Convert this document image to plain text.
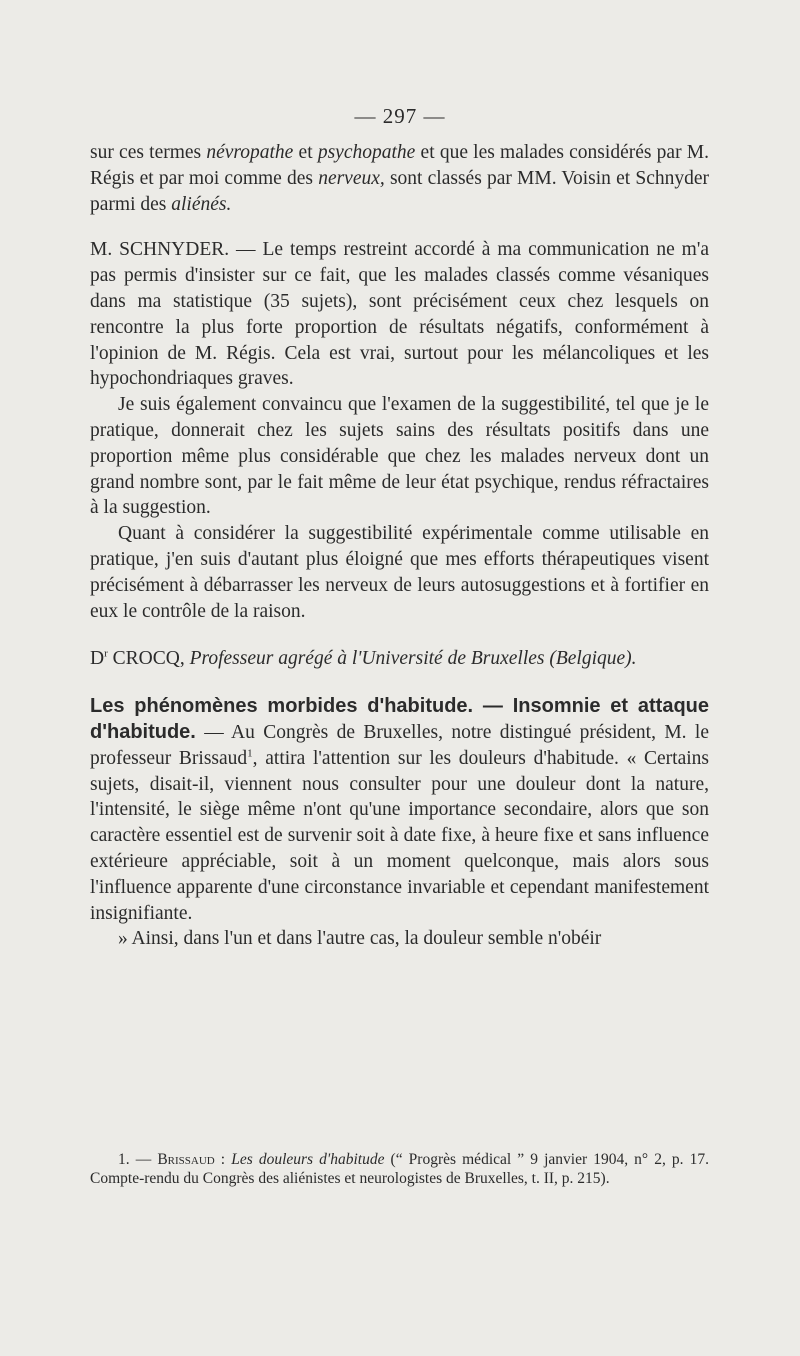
— 297 —

sur ces termes névropathe et psychopathe et que les malades considérés par M. Régis et par moi comme des nerveux, sont classés par MM. Voisin et Schnyder parmi des aliénés.

M. SCHNYDER. — Le temps restreint accordé à ma communication ne m'a pas permis d'insister sur ce fait, que les malades classés comme vésaniques dans ma statistique (35 sujets), sont précisément ceux chez lesquels on rencontre la plus forte proportion de résultats négatifs, conformément à l'opinion de M. Régis. Cela est vrai, surtout pour les mélancoliques et les hypochondriaques graves.

Je suis également convaincu que l'examen de la suggestibilité, tel que je le pratique, donnerait chez les sujets sains des résultats positifs dans une proportion même plus considérable que chez les malades nerveux dont un grand nombre sont, par le fait même de leur état psychique, rendus réfractaires à la suggestion.

Quant à considérer la suggestibilité expérimentale comme utilisable en pratique, j'en suis d'autant plus éloigné que mes efforts thérapeutiques visent précisément à débarrasser les nerveux de leurs autosuggestions et à fortifier en eux le contrôle de la raison.

$D^r$ CROCQ, Professeur agrégé à l'Université de Bruxelles (Belgique).

Les phénomènes morbides d'habitude. — Insomnie et attaque d'habitude. — Au Congrès de Bruxelles, notre distingué président, M. le professeur Brissaud$^1$, attira l'attention sur les douleurs d'habitude. « Certains sujets, disait-il, viennent nous consulter pour une douleur dont la nature, l'intensité, le siège même n'ont qu'une importance secondaire, alors que son caractère essentiel est de survenir soit à date fixe, à heure fixe et sans influence extérieure appréciable, soit à un moment quelconque, mais alors sous l'influence apparente d'une circonstance invariable et cependant manifestement insignifiante.

» Ainsi, dans l'un et dans l'autre cas, la douleur semble n'obéir

1. — Brissaud : Les douleurs d'habitude (“ Progrès médical ” 9 janvier 1904, n° 2, p. 17. Compte-rendu du Congrès des aliénistes et neurologistes de Bruxelles, t. II, p. 215).
